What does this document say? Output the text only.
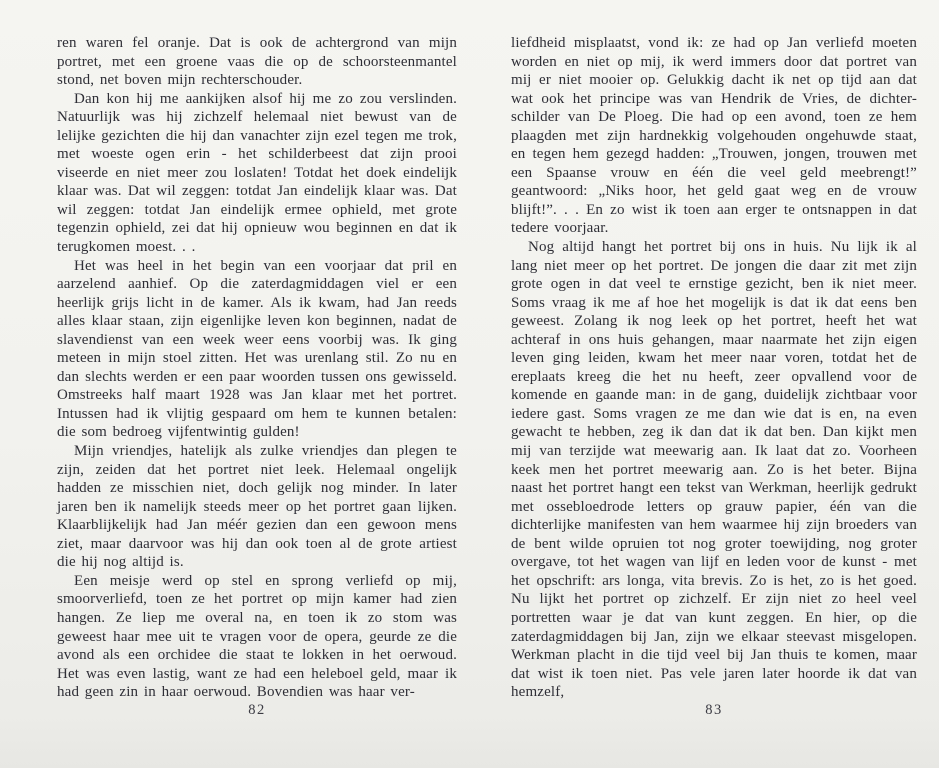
ren waren fel oranje. Dat is ook de achtergrond van mijn portret, met een groene vaas die op de schoorsteenmantel stond, net boven mijn rechterschouder.

Dan kon hij me aankijken alsof hij me zo zou verslinden. Natuurlijk was hij zichzelf helemaal niet bewust van de lelijke gezichten die hij dan vanachter zijn ezel tegen me trok, met woeste ogen erin - het schilderbeest dat zijn prooi viseerde en niet meer zou loslaten! Totdat het doek eindelijk klaar was. Dat wil zeggen: totdat Jan eindelijk klaar was. Dat wil zeggen: totdat Jan eindelijk ermee ophield, met grote tegenzin ophield, zei dat hij opnieuw wou beginnen en dat ik terugkomen moest. . .

Het was heel in het begin van een voorjaar dat pril en aarzelend aanhief. Op die zaterdagmiddagen viel er een heerlijk grijs licht in de kamer. Als ik kwam, had Jan reeds alles klaar staan, zijn eigenlijke leven kon beginnen, nadat de slavendienst van een week weer eens voorbij was. Ik ging meteen in mijn stoel zitten. Het was urenlang stil. Zo nu en dan slechts werden er een paar woorden tussen ons gewisseld. Omstreeks half maart 1928 was Jan klaar met het portret. Intussen had ik vlijtig gespaard om hem te kunnen betalen: die som bedroeg vijfentwintig gulden!

Mijn vriendjes, hatelijk als zulke vriendjes dan plegen te zijn, zeiden dat het portret niet leek. Helemaal ongelijk hadden ze misschien niet, doch gelijk nog minder. In later jaren ben ik namelijk steeds meer op het portret gaan lijken. Klaarblijkelijk had Jan méér gezien dan een gewoon mens ziet, maar daarvoor was hij dan ook toen al de grote artiest die hij nog altijd is.

Een meisje werd op stel en sprong verliefd op mij, smoorverliefd, toen ze het portret op mijn kamer had zien hangen. Ze liep me overal na, en toen ik zo stom was geweest haar mee uit te vragen voor de opera, geurde ze die avond als een orchidee die staat te lokken in het oerwoud. Het was even lastig, want ze had een heleboel geld, maar ik had geen zin in haar oerwoud. Bovendien was haar ver-

82

liefdheid misplaatst, vond ik: ze had op Jan verliefd moeten worden en niet op mij, ik werd immers door dat portret van mij er niet mooier op. Gelukkig dacht ik net op tijd aan dat wat ook het principe was van Hendrik de Vries, de dichter-schilder van De Ploeg. Die had op een avond, toen ze hem plaagden met zijn hardnekkig volgehouden ongehuwde staat, en tegen hem gezegd hadden: „Trouwen, jongen, trouwen met een Spaanse vrouw en één die veel geld meebrengt!” geantwoord: „Niks hoor, het geld gaat weg en de vrouw blijft!”. . . En zo wist ik toen aan erger te ontsnappen in dat tedere voorjaar.

Nog altijd hangt het portret bij ons in huis. Nu lijk ik al lang niet meer op het portret. De jongen die daar zit met zijn grote ogen in dat veel te ernstige gezicht, ben ik niet meer. Soms vraag ik me af hoe het mogelijk is dat ik dat eens ben geweest. Zolang ik nog leek op het portret, heeft het wat achteraf in ons huis gehangen, maar naarmate het zijn eigen leven ging leiden, kwam het meer naar voren, totdat het de ereplaats kreeg die het nu heeft, zeer opvallend voor de komende en gaande man: in de gang, duidelijk zichtbaar voor iedere gast. Soms vragen ze me dan wie dat is en, na even gewacht te hebben, zeg ik dan dat ik dat ben. Dan kijkt men mij van terzijde wat meewarig aan. Ik laat dat zo. Voorheen keek men het portret meewarig aan. Zo is het beter. Bijna naast het portret hangt een tekst van Werkman, heerlijk gedrukt met ossebloedrode letters op grauw papier, één van die dichterlijke manifesten van hem waarmee hij zijn broeders van de bent wilde opruien tot nog groter toewijding, nog groter overgave, tot het wagen van lijf en leden voor de kunst - met het opschrift: ars longa, vita brevis. Zo is het, zo is het goed. Nu lijkt het portret op zichzelf. Er zijn niet zo heel veel portretten waar je dat van kunt zeggen. En hier, op die zaterdagmiddagen bij Jan, zijn we elkaar steevast misgelopen. Werkman placht in die tijd veel bij Jan thuis te komen, maar dat wist ik toen niet. Pas vele jaren later hoorde ik dat van hemzelf,

83
